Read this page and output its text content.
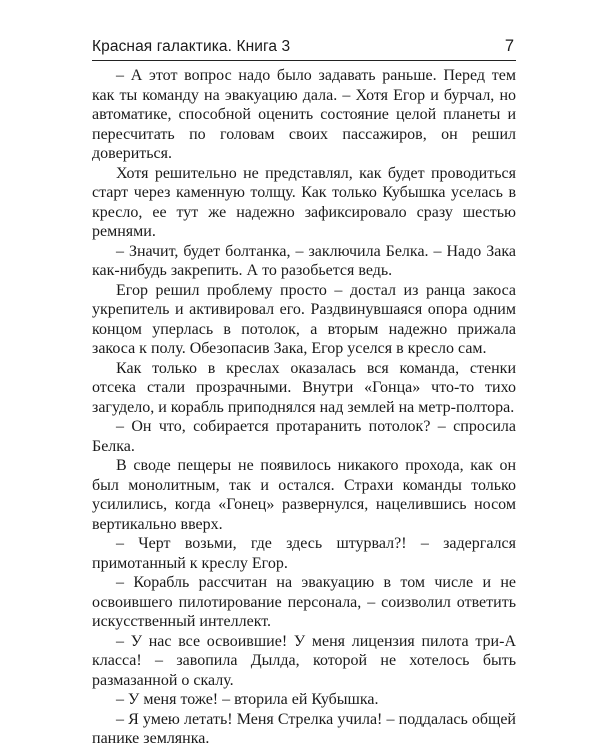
Красная галактика. Книга 3	7

– А этот вопрос надо было задавать раньше. Перед тем как ты команду на эвакуацию дала. – Хотя Егор и бурчал, но автоматике, способной оценить состояние целой планеты и пересчитать по головам своих пассажиров, он решил довериться.

Хотя решительно не представлял, как будет проводиться старт через каменную толщу. Как только Кубышка уселась в кресло, ее тут же надежно зафиксировало сразу шестью ремнями.

– Значит, будет болтанка, – заключила Белка. – Надо Зака как-нибудь закрепить. А то разобьется ведь.

Егор решил проблему просто – достал из ранца закоса укрепитель и активировал его. Раздвинувшаяся опора одним концом уперлась в потолок, а вторым надежно прижала закоса к полу. Обезопасив Зака, Егор уселся в кресло сам.

Как только в креслах оказалась вся команда, стенки отсека стали прозрачными. Внутри «Гонца» что-то тихо загудело, и корабль приподнялся над землей на метр-полтора.

– Он что, собирается протаранить потолок? – спросила Белка.

В своде пещеры не появилось никакого прохода, как он был монолитным, так и остался. Страхи команды только усилились, когда «Гонец» развернулся, нацелившись носом вертикально вверх.

– Черт возьми, где здесь штурвал?! – задергался примотанный к креслу Егор.

– Корабль рассчитан на эвакуацию в том числе и не освоившего пилотирование персонала, – соизволил ответить искусственный интеллект.

– У нас все освоившие! У меня лицензия пилота три-А класса! – завопила Дылда, которой не хотелось быть размазанной о скалу.

– У меня тоже! – вторила ей Кубышка.

– Я умею летать! Меня Стрелка учила! – поддалась общей панике землянка.
